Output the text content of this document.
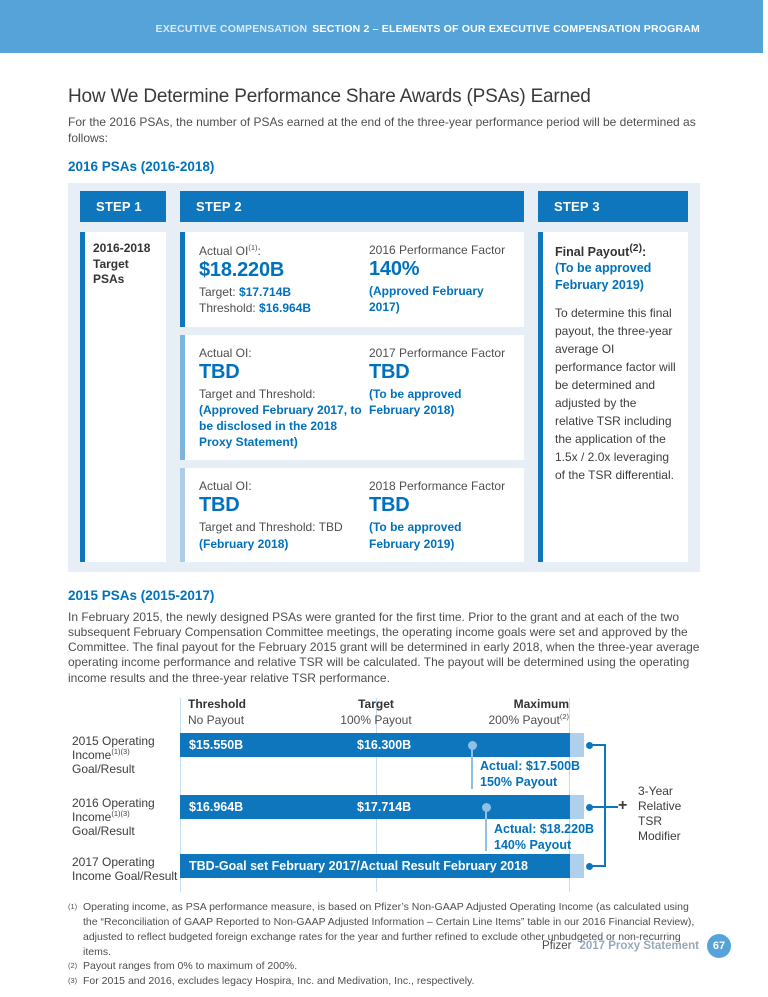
EXECUTIVE COMPENSATION SECTION 2 – ELEMENTS OF OUR EXECUTIVE COMPENSATION PROGRAM
How We Determine Performance Share Awards (PSAs) Earned

For the 2016 PSAs, the number of PSAs earned at the end of the three-year performance period will be determined as follows:

2016 PSAs (2016-2018)
STEP 1	STEP 2	STEP 3
2016-2018
Target PSAs
Actual OI$^{(1)}$:
$18.220B
Target: $17.714B
Threshold: $16.964B
2016 Performance Factor
140%
(Approved February 2017)
Actual OI:
TBD
Target and Threshold:
(Approved February 2017, to be disclosed in the 2018 Proxy Statement)
2017 Performance Factor
TBD
(To be approved February 2018)
Actual OI:
TBD
Target and Threshold: TBD
(February 2018)
2018 Performance Factor
TBD
(To be approved February 2019)
Final Payout$^{(2)}$:
(To be approved February 2019)
To determine this final payout, the three-year average OI performance factor will be determined and adjusted by the relative TSR including the application of the 1.5x / 2.0x leveraging of the TSR differential.
2015 PSAs (2015-2017)

In February 2015, the newly designed PSAs were granted for the first time. Prior to the grant and at each of the two subsequent February Compensation Committee meetings, the operating income goals were set and approved by the Committee. The final payout for the February 2015 grant will be determined in early 2018, when the three-year average operating income performance and relative TSR will be calculated. The payout will be determined using the operating income results and the three-year relative TSR performance.

Threshold
No Payout
Target
100% Payout
Maximum
200% Payout$^{(2)}$
2015 Operating
Income$^{(1)(3)}$ Goal/Result
$15.550B	$16.300B
Actual: $17.500B
150% Payout
2016 Operating
Income$^{(1)(3)}$ Goal/Result
$16.964B	$17.714B
Actual: $18.220B
140% Payout
2017 Operating
Income Goal/Result
TBD-Goal set February 2017/Actual Result February 2018
+
3-Year
Relative TSR
Modifier
(1) Operating income, as PSA performance measure, is based on Pfizer’s Non-GAAP Adjusted Operating Income (as calculated using the “Reconciliation of GAAP Reported to Non-GAAP Adjusted Information – Certain Line Items” table in our 2016 Financial Review), adjusted to reflect budgeted foreign exchange rates for the year and further refined to exclude other unbudgeted or non-recurring items.
(2) Payout ranges from 0% to maximum of 200%.
(3) For 2015 and 2016, excludes legacy Hospira, Inc. and Medivation, Inc., respectively.
Pfizer 2017 Proxy Statement	67
